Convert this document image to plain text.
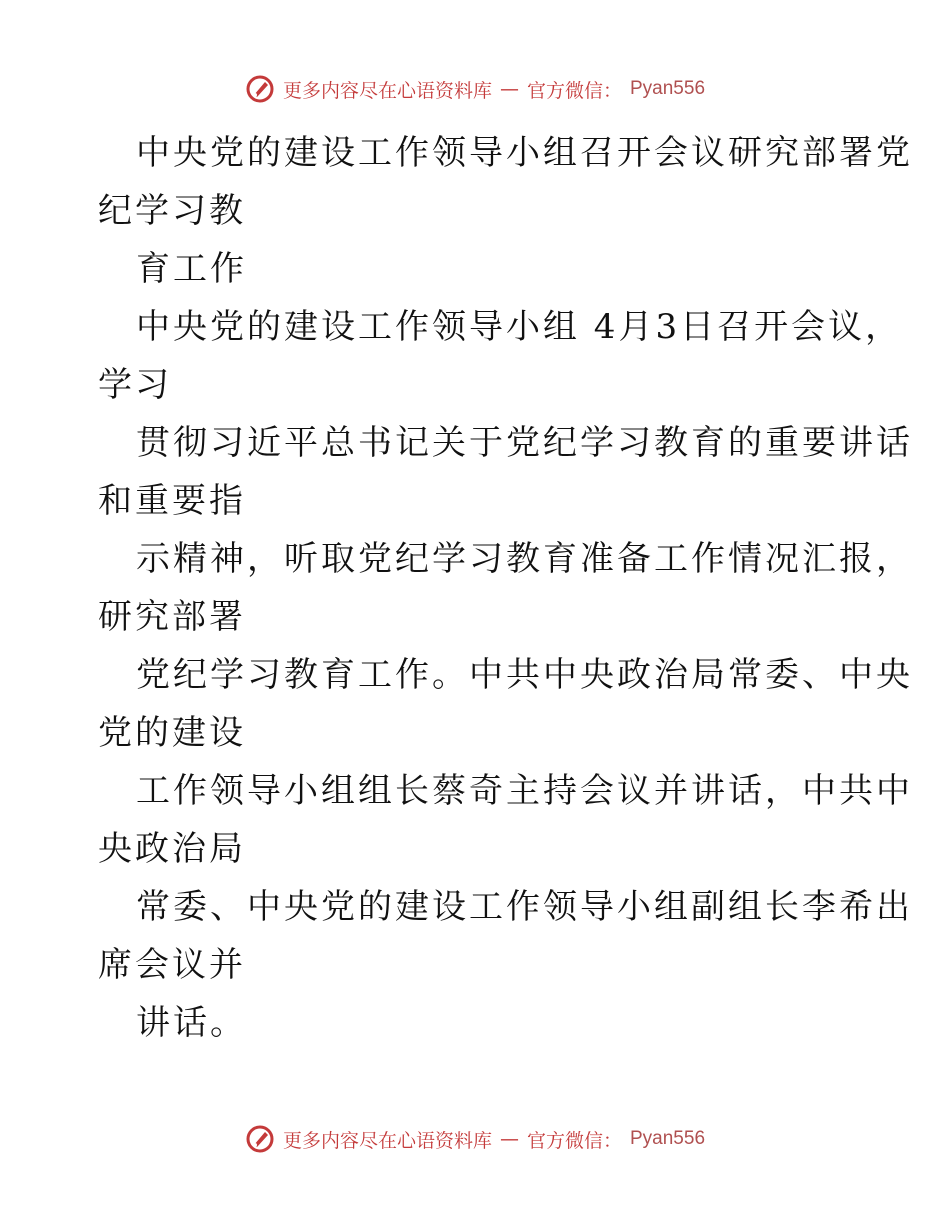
更多内容尽在心语资料库 — 官方微信： Pyan556
中央党的建设工作领导小组召开会议研究部署党
纪学习教
育工作
中央党的建设工作领导小组 4月3日召开会议，
学习
贯彻习近平总书记关于党纪学习教育的重要讲话
和重要指
示精神，听取党纪学习教育准备工作情况汇报，
研究部署
党纪学习教育工作。中共中央政治局常委、中央
党的建设
工作领导小组组长蔡奇主持会议并讲话，中共中
央政治局
常委、中央党的建设工作领导小组副组长李希出
席会议并
讲话。
更多内容尽在心语资料库 — 官方微信： Pyan556
